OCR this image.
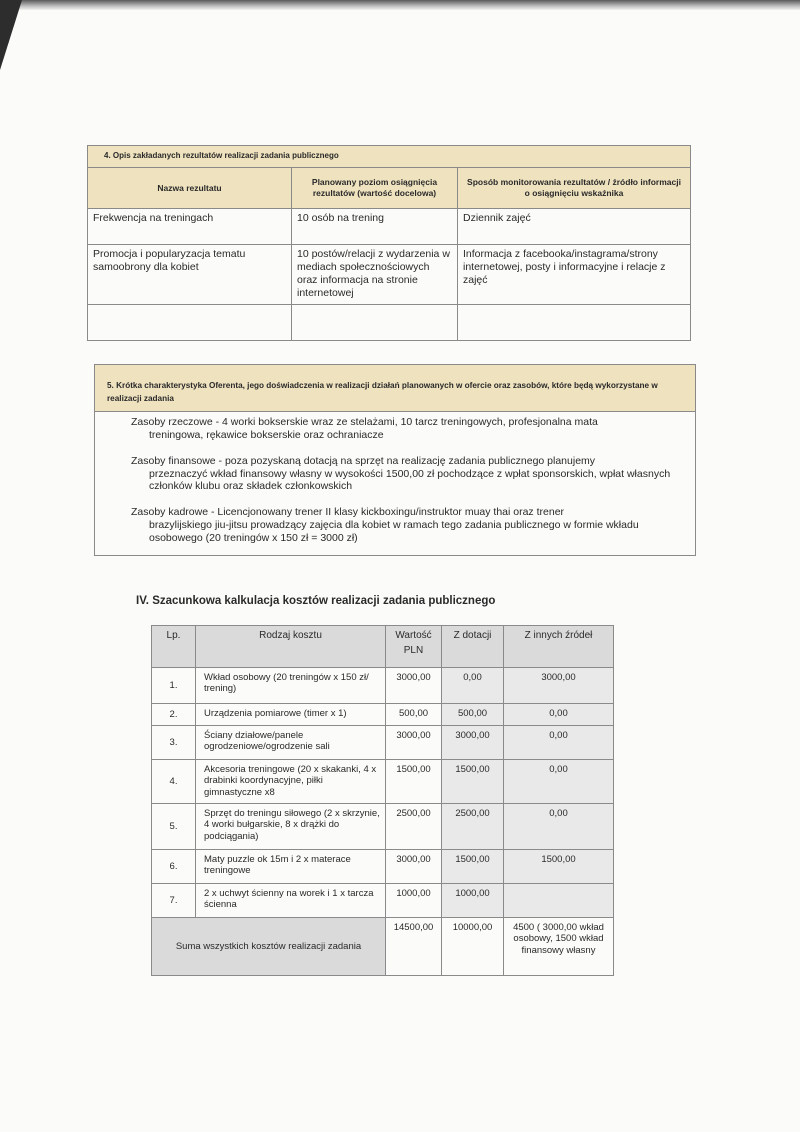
4. Opis zakładanych rezultatów realizacji zadania publicznego		
Nazwa rezultatu	Planowany poziom osiągnięcia rezultatów (wartość docelowa)	Sposób monitorowania rezultatów / źródło informacji o osiągnięciu wskaźnika
Frekwencja na treningach	10 osób na trening	Dziennik zajęć
Promocja i popularyzacja tematu samoobrony dla kobiet	10 postów/relacji z wydarzenia w mediach społecznościowych oraz informacja na stronie internetowej	Informacja z facebooka/instagrama/strony internetowej, posty i informacyjne i relacje z zajęć

5. Krótka charakterystyka Oferenta, jego doświadczenia w realizacji działań planowanych w ofercie oraz zasobów, które będą wykorzystane w realizacji zadania

Zasoby rzeczowe - 4 worki bokserskie wraz ze stelażami, 10 tarcz treningowych, profesjonalna mata
treningowa, rękawice bokserskie oraz ochraniacze

Zasoby finansowe - poza pozyskaną dotacją na sprzęt na realizację zadania publicznego planujemy
przeznaczyć wkład finansowy własny w wysokości 1500,00 zł pochodzące z wpłat sponsorskich, wpłat własnych członków klubu oraz składek członkowskich

Zasoby kadrowe - Licencjonowany trener II klasy kickboxingu/instruktor muay thai oraz trener
brazylijskiego jiu-jitsu prowadzący zajęcia dla kobiet w ramach tego zadania publicznego w formie wkładu osobowego (20 treningów x 150 zł = 3000 zł)

IV. Szacunkowa kalkulacja kosztów realizacji zadania publicznego
Lp.	Rodzaj kosztu	Wartość PLN	Z dotacji	Z innych źródeł
1.	Wkład osobowy (20 treningów x 150 zł/ trening)	3000,00	0,00	3000,00
2.	Urządzenia pomiarowe (timer x 1)	500,00	500,00	0,00
3.	Ściany działowe/panele ogrodzeniowe/ogrodzenie sali	3000,00	3000,00	0,00
4.	Akcesoria treningowe (20 x skakanki, 4 x drabinki koordynacyjne, piłki gimnastyczne x8	1500,00	1500,00	0,00
5.	Sprzęt do treningu siłowego (2 x skrzynie, 4 worki bułgarskie, 8 x drążki do podciągania)	2500,00	2500,00	0,00
6.	Maty puzzle ok 15m i 2 x materace treningowe	3000,00	1500,00	1500,00
7.	2 x uchwyt ścienny na worek i 1 x tarcza ścienna	1000,00	1000,00	
Suma wszystkich kosztów realizacji zadania		14500,00	10000,00	4500 ( 3000,00 wkład osobowy, 1500 wkład finansowy własny
